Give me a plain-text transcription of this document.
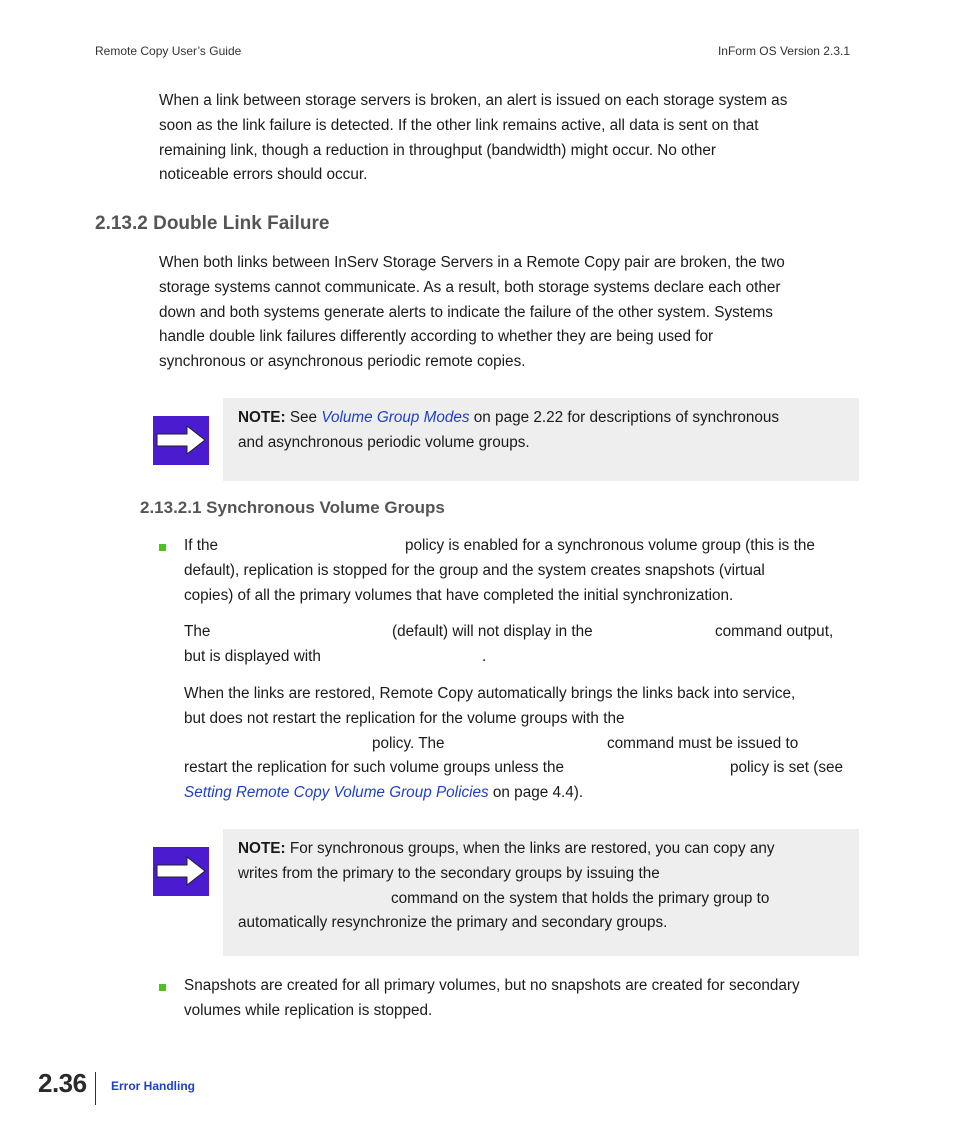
Remote Copy User’s Guide	InForm OS Version 2.3.1
When a link between storage servers is broken, an alert is issued on each storage system as
soon as the link failure is detected. If the other link remains active, all data is sent on that
remaining link, though a reduction in throughput (bandwidth) might occur. No other
noticeable errors should occur.
2.13.2 Double Link Failure
When both links between InServ Storage Servers in a Remote Copy pair are broken, the two
storage systems cannot communicate. As a result, both storage systems declare each other
down and both systems generate alerts to indicate the failure of the other system. Systems
handle double link failures differently according to whether they are being used for
synchronous or asynchronous periodic remote copies.
NOTE: See Volume Group Modes on page 2.22 for descriptions of synchronous
and asynchronous periodic volume groups.
2.13.2.1 Synchronous Volume Groups
If the	policy is enabled for a synchronous volume group (this is the
default), replication is stopped for the group and the system creates snapshots (virtual
copies) of all the primary volumes that have completed the initial synchronization.
The	(default) will not display in the	command output,
but is displayed with	.
When the links are restored, Remote Copy automatically brings the links back into service,
but does not restart the replication for the volume groups with the
policy. The	command must be issued to
restart the replication for such volume groups unless the	policy is set (see
Setting Remote Copy Volume Group Policies on page 4.4).
NOTE: For synchronous groups, when the links are restored, you can copy any
writes from the primary to the secondary groups by issuing the
command on the system that holds the primary group to
automatically resynchronize the primary and secondary groups.
Snapshots are created for all primary volumes, but no snapshots are created for secondary
volumes while replication is stopped.
2.36 Error Handling
